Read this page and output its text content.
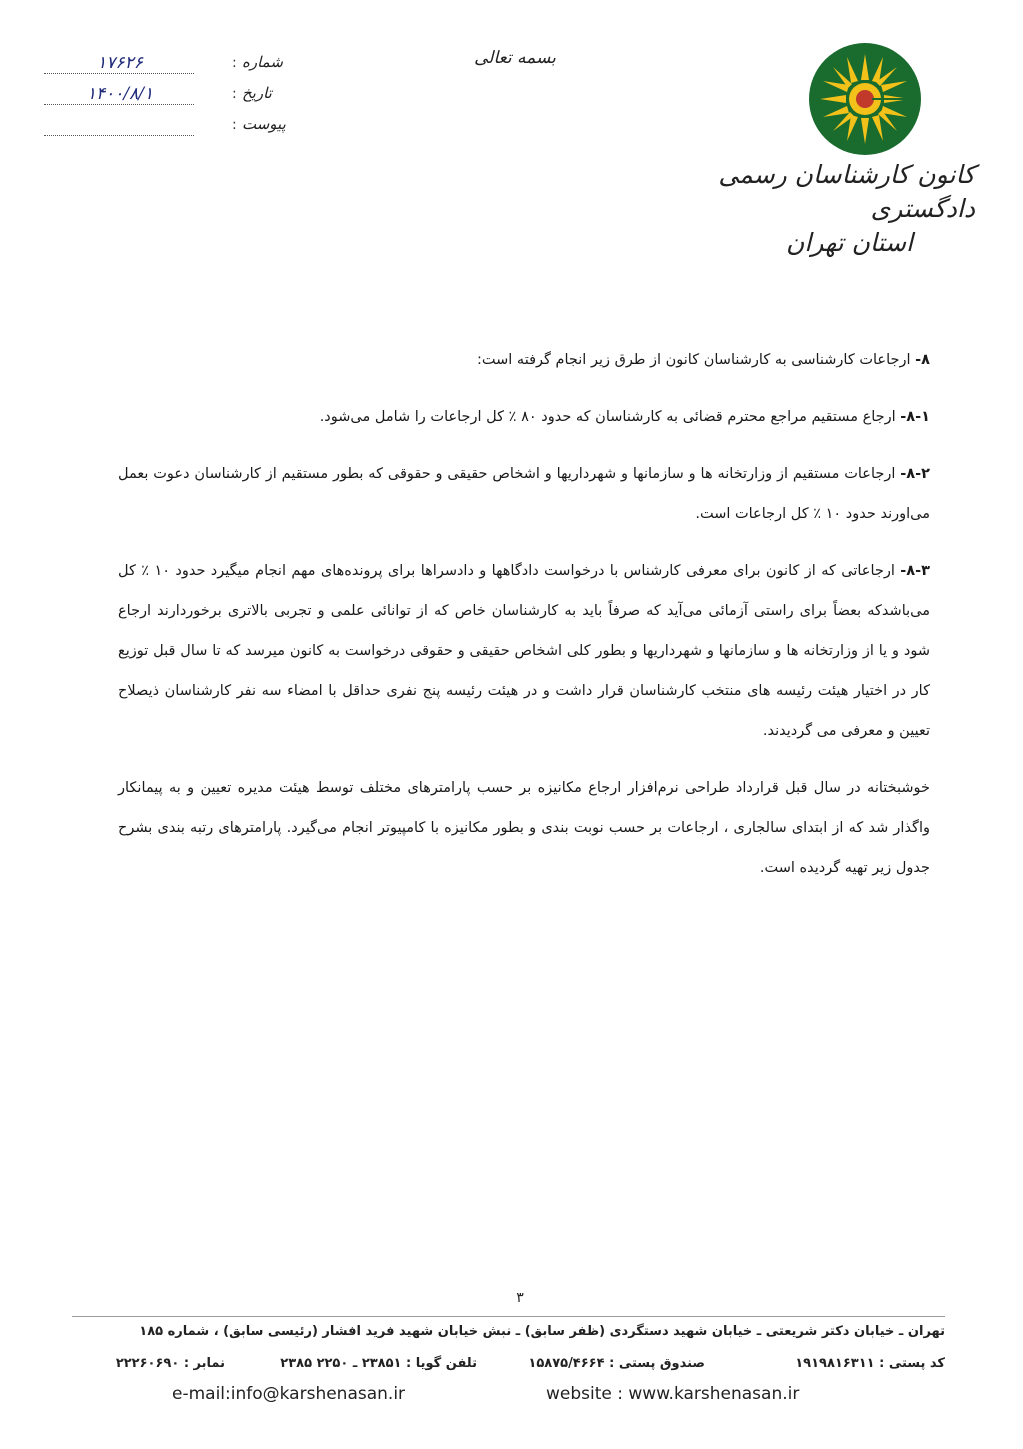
کانون کارشناسان رسمی دادگستری
استان تهران
بسمه تعالی
۱۷۶۲۶	: شماره
۱۴۰۰/۸/۱	: تاریخ
: پیوست

۸- ارجاعات کارشناسی به کارشناسان کانون از طرق زیر انجام گرفته است:

۸-۱- ارجاع مستقیم مراجع محترم قضائی به کارشناسان که حدود ۸۰ ٪ کل ارجاعات را شامل می‌شود.

۸-۲- ارجاعات مستقیم از وزارتخانه ها و سازمانها و شهرداریها و اشخاص حقیقی و حقوقی که بطور مستقیم از کارشناسان دعوت بعمل می‌اورند حدود ۱۰ ٪ کل ارجاعات است.

۸-۳- ارجاعاتی که از کانون برای معرفی کارشناس با درخواست دادگاهها و دادسراها برای پرونده‌های مهم انجام میگیرد حدود ۱۰ ٪ کل می‌باشدکه بعضاً برای راستی آزمائی می‌آید که صرفاً باید به کارشناسان خاص که از توانائی علمی و تجربی بالاتری برخوردارند ارجاع شود و یا از وزارتخانه ها و سازمانها و شهرداریها و بطور کلی اشخاص حقیقی و حقوقی درخواست به کانون میرسد که تا سال قبل توزیع کار در اختیار هیئت رئیسه های منتخب کارشناسان قرار داشت و در هیئت رئیسه پنج نفری حداقل با امضاء سه نفر کارشناسان ذیصلاح تعیین و معرفی می گردیدند.

خوشبختانه در سال قبل قرارداد طراحی نرم‌افزار ارجاع مکانیزه بر حسب پارامترهای مختلف توسط هیئت مدیره تعیین و به پیمانکار واگذار شد که از ابتدای سالجاری ، ارجاعات بر حسب نوبت بندی و بطور مکانیزه با کامپیوتر انجام می‌گیرد. پارامترهای رتبه بندی بشرح جدول زیر تهیه گردیده است.

۳
تهران ـ خیابان دکتر شریعتی ـ خیابان شهید دستگردی (ظفر سابق) ـ نبش خیابان شهید فرید افشار (رئیسی سابق) ، شماره ۱۸۵
کد پستی : ۱۹۱۹۸۱۶۳۱۱
صندوق پستی : ۱۵۸۷۵/۴۶۶۴
تلفن گویا : ۲۳۸۵۱ ـ ۲۲۵۰ ۲۳۸۵
نمابر : ۲۲۲۶۰۶۹۰
website : www.karshenasan.ir
e-mail:info@karshenasan.ir
